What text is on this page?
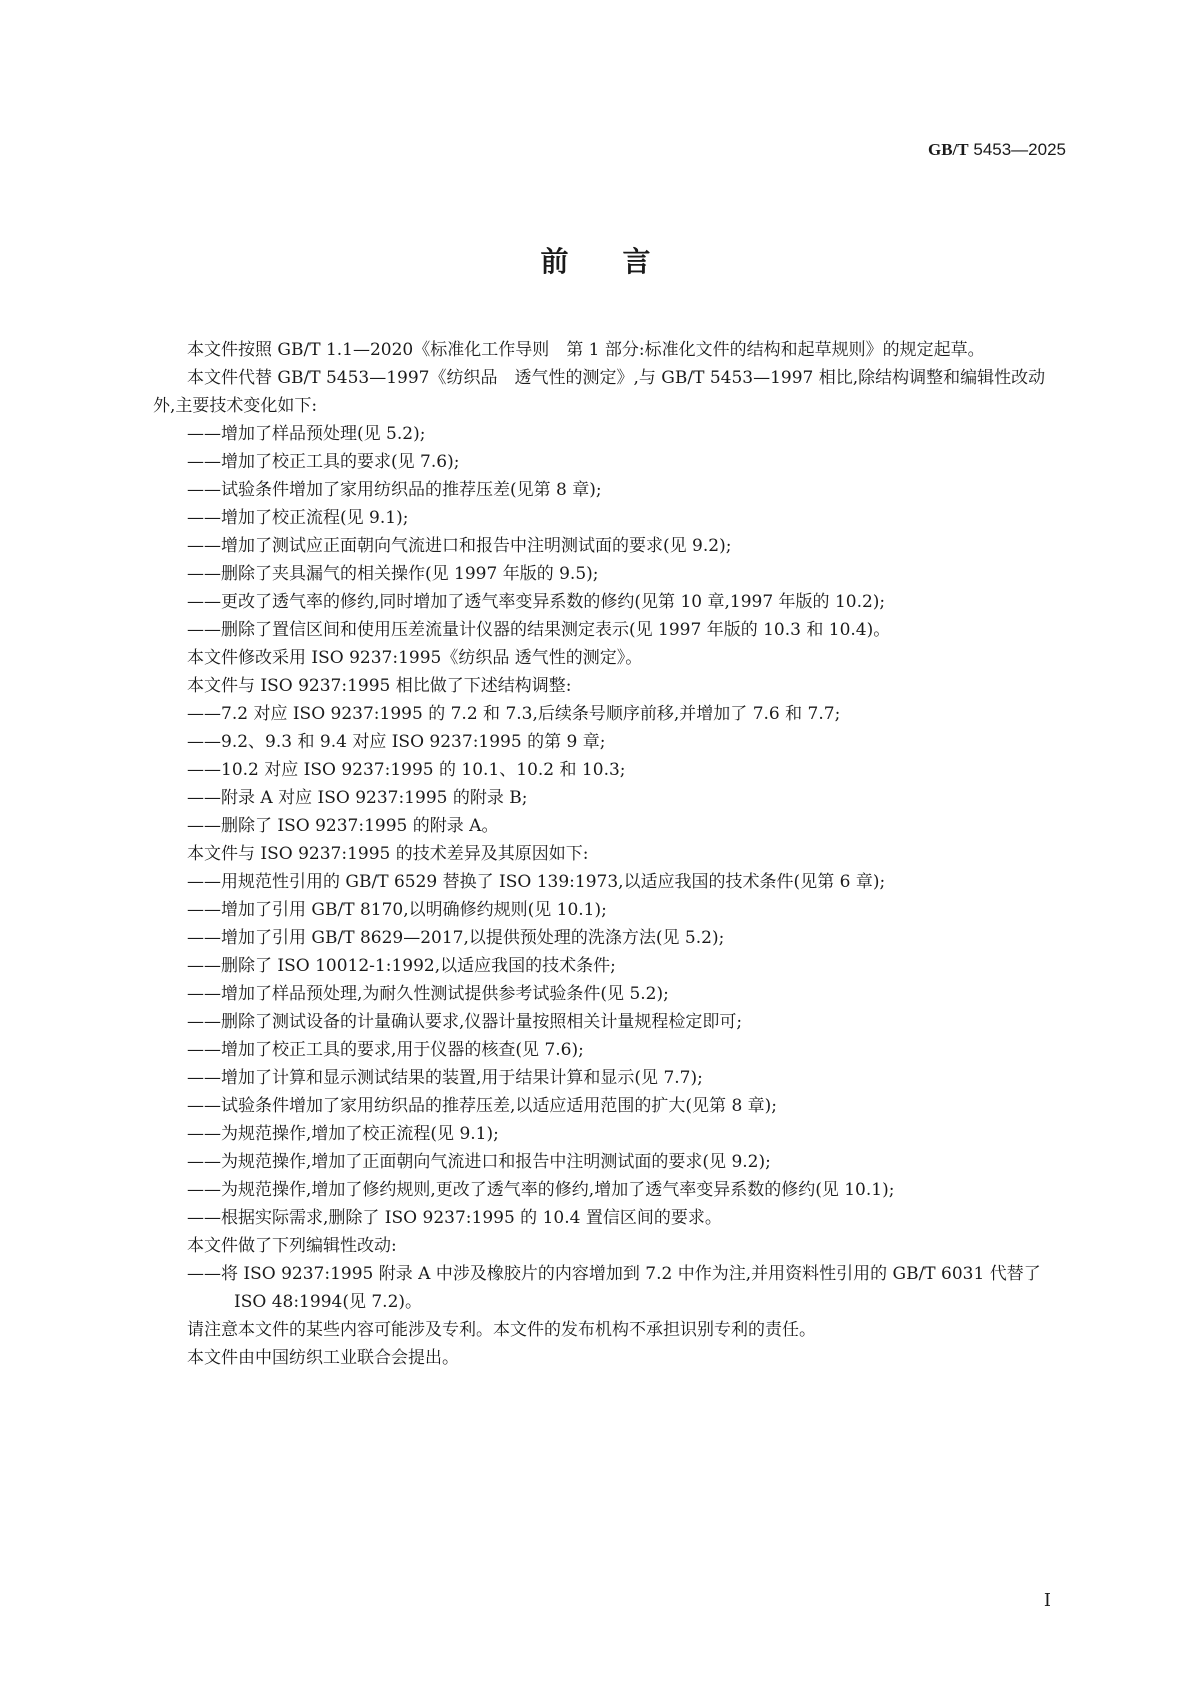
GB/T 5453—2025
前言

本文件按照 GB/T 1.1—2020《标准化工作导则　第 1 部分:标准化文件的结构和起草规则》的规定起草。

本文件代替 GB/T 5453—1997《纺织品　透气性的测定》,与 GB/T 5453—1997 相比,除结构调整和编辑性改动外,主要技术变化如下:

——增加了样品预处理(见 5.2);

——增加了校正工具的要求(见 7.6);

——试验条件增加了家用纺织品的推荐压差(见第 8 章);

——增加了校正流程(见 9.1);

——增加了测试应正面朝向气流进口和报告中注明测试面的要求(见 9.2);

——删除了夹具漏气的相关操作(见 1997 年版的 9.5);

——更改了透气率的修约,同时增加了透气率变异系数的修约(见第 10 章,1997 年版的 10.2);

——删除了置信区间和使用压差流量计仪器的结果测定表示(见 1997 年版的 10.3 和 10.4)。

本文件修改采用 ISO 9237:1995《纺织品 透气性的测定》。

本文件与 ISO 9237:1995 相比做了下述结构调整:

——7.2 对应 ISO 9237:1995 的 7.2 和 7.3,后续条号顺序前移,并增加了 7.6 和 7.7;

——9.2、9.3 和 9.4 对应 ISO 9237:1995 的第 9 章;

——10.2 对应 ISO 9237:1995 的 10.1、10.2 和 10.3;

——附录 A 对应 ISO 9237:1995 的附录 B;

——删除了 ISO 9237:1995 的附录 A。

本文件与 ISO 9237:1995 的技术差异及其原因如下:

——用规范性引用的 GB/T 6529 替换了 ISO 139:1973,以适应我国的技术条件(见第 6 章);

——增加了引用 GB/T 8170,以明确修约规则(见 10.1);

——增加了引用 GB/T 8629—2017,以提供预处理的洗涤方法(见 5.2);

——删除了 ISO 10012-1:1992,以适应我国的技术条件;

——增加了样品预处理,为耐久性测试提供参考试验条件(见 5.2);

——删除了测试设备的计量确认要求,仪器计量按照相关计量规程检定即可;

——增加了校正工具的要求,用于仪器的核查(见 7.6);

——增加了计算和显示测试结果的装置,用于结果计算和显示(见 7.7);

——试验条件增加了家用纺织品的推荐压差,以适应适用范围的扩大(见第 8 章);

——为规范操作,增加了校正流程(见 9.1);

——为规范操作,增加了正面朝向气流进口和报告中注明测试面的要求(见 9.2);

——为规范操作,增加了修约规则,更改了透气率的修约,增加了透气率变异系数的修约(见 10.1);

——根据实际需求,删除了 ISO 9237:1995 的 10.4 置信区间的要求。

本文件做了下列编辑性改动:

——将 ISO 9237:1995 附录 A 中涉及橡胶片的内容增加到 7.2 中作为注,并用资料性引用的 GB/T 6031 代替了 ISO 48:1994(见 7.2)。

请注意本文件的某些内容可能涉及专利。本文件的发布机构不承担识别专利的责任。

本文件由中国纺织工业联合会提出。

I
